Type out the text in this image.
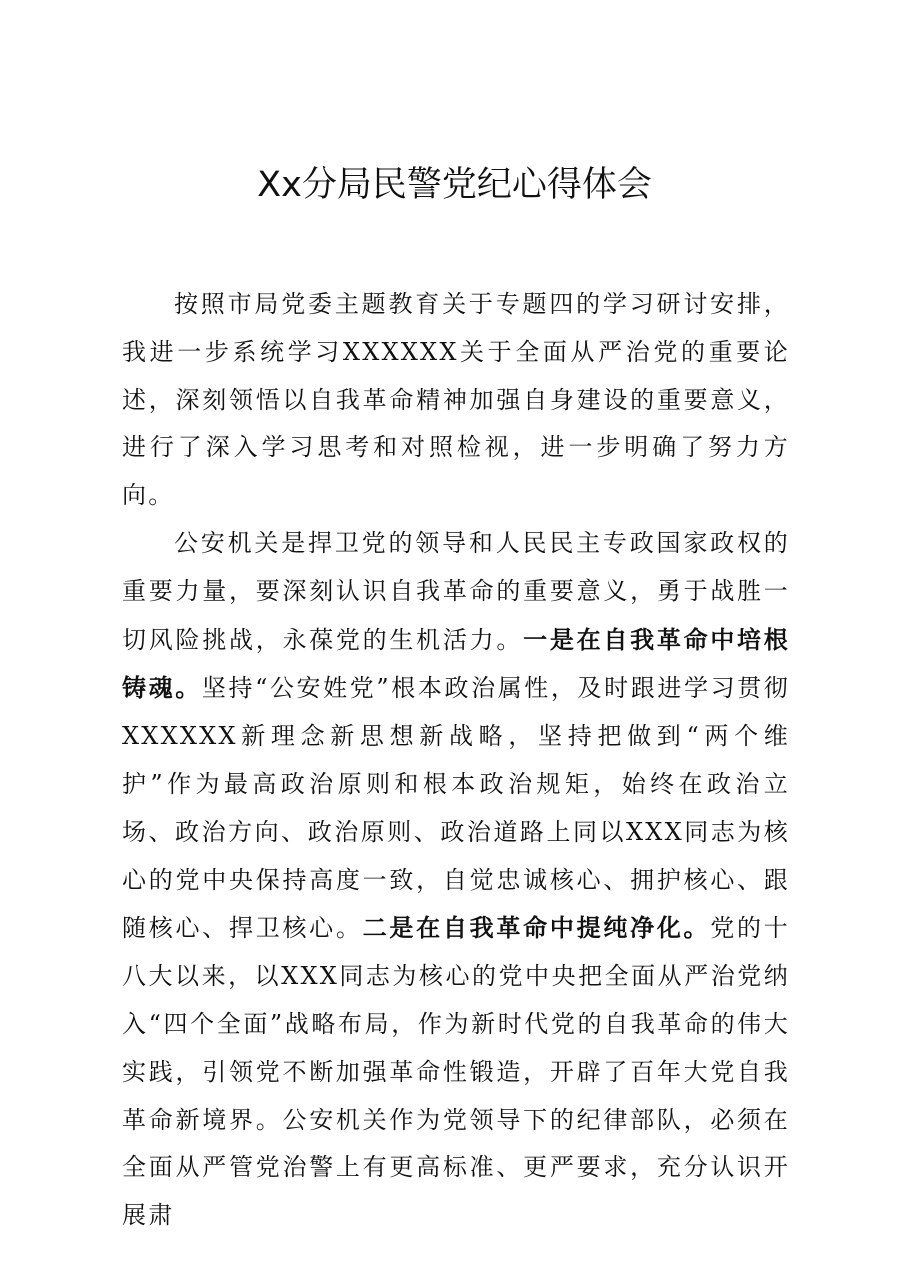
Xx分局民警党纪心得体会

按照市局党委主题教育关于专题四的学习研讨安排，我进一步系统学习XXXXXX关于全面从严治党的重要论述，深刻领悟以自我革命精神加强自身建设的重要意义，进行了深入学习思考和对照检视，进一步明确了努力方向。

公安机关是捍卫党的领导和人民民主专政国家政权的重要力量，要深刻认识自我革命的重要意义，勇于战胜一切风险挑战，永葆党的生机活力。一是在自我革命中培根铸魂。坚持“公安姓党”根本政治属性，及时跟进学习贯彻XXXXXX新理念新思想新战略，坚持把做到“两个维护”作为最高政治原则和根本政治规矩，始终在政治立场、政治方向、政治原则、政治道路上同以XXX同志为核心的党中央保持高度一致，自觉忠诚核心、拥护核心、跟随核心、捍卫核心。二是在自我革命中提纯净化。党的十八大以来，以XXX同志为核心的党中央把全面从严治党纳入“四个全面”战略布局，作为新时代党的自我革命的伟大实践，引领党不断加强革命性锻造，开辟了百年大党自我革命新境界。公安机关作为党领导下的纪律部队，必须在全面从严管党治警上有更高标准、更严要求，充分认识开展肃
